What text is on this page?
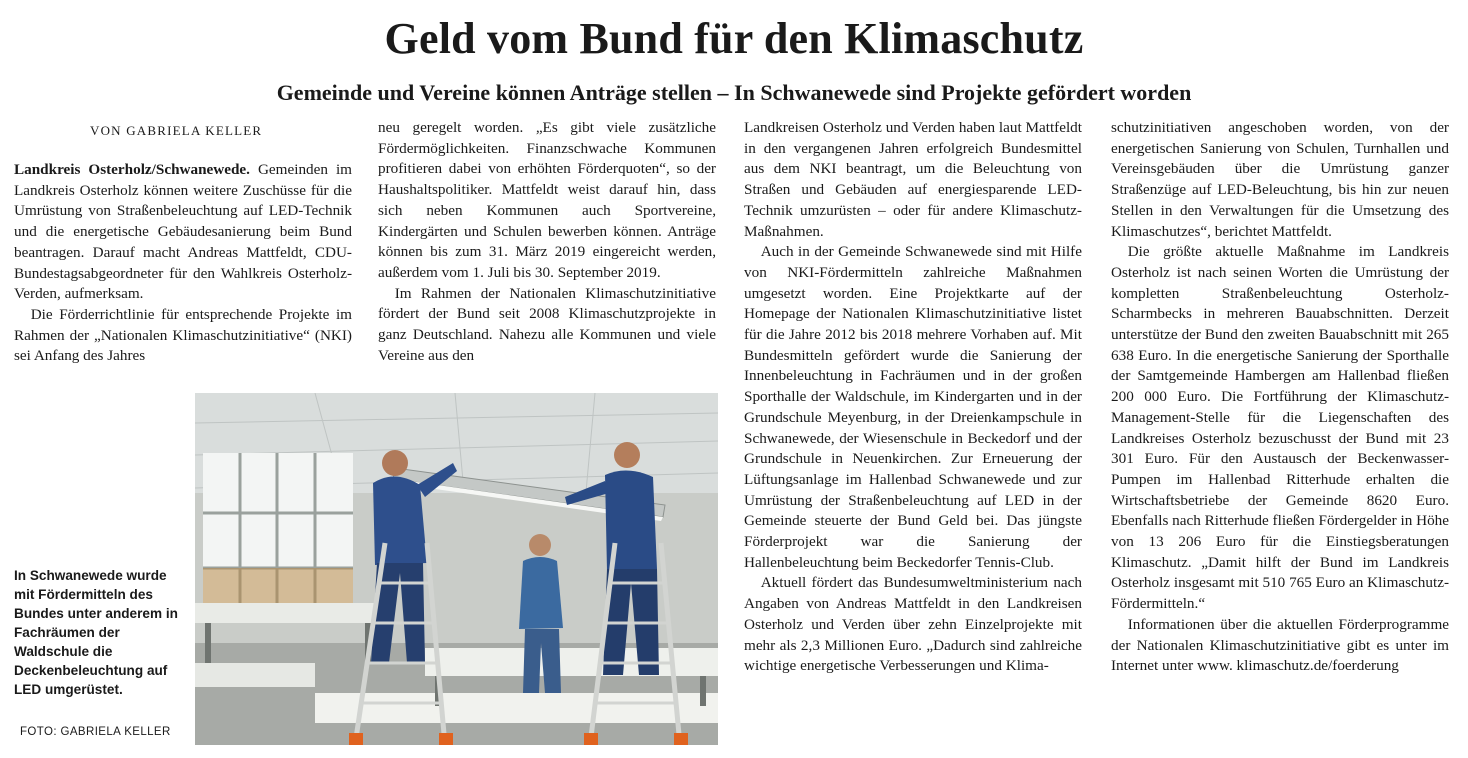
Geld vom Bund für den Klimaschutz
Gemeinde und Vereine können Anträge stellen – In Schwanewede sind Projekte gefördert worden
VON GABRIELA KELLER

Landkreis Osterholz/Schwanewede. Gemeinden im Landkreis Osterholz können weitere Zuschüsse für die Umrüstung von Straßenbeleuchtung auf LED-Technik und die energetische Gebäudesanierung beim Bund beantragen. Darauf macht Andreas Mattfeldt, CDU-Bundestagsabgeordneter für den Wahlkreis Osterholz-Verden, aufmerksam.

Die Förderrichtlinie für entsprechende Projekte im Rahmen der „Nationalen Klimaschutzinitiative“ (NKI) sei Anfang des Jahres

neu geregelt worden. „Es gibt viele zusätzliche Fördermöglichkeiten. Finanzschwache Kommunen profitieren dabei von erhöhten Förderquoten“, so der Haushaltspolitiker. Mattfeldt weist darauf hin, dass sich neben Kommunen auch Sportvereine, Kindergärten und Schulen bewerben können. Anträge können bis zum 31. März 2019 eingereicht werden, außerdem vom 1. Juli bis 30. September 2019.

Im Rahmen der Nationalen Klimaschutzinitiative fördert der Bund seit 2008 Klimaschutzprojekte in ganz Deutschland. Nahezu alle Kommunen und viele Vereine aus den

Landkreisen Osterholz und Verden haben laut Mattfeldt in den vergangenen Jahren erfolgreich Bundesmittel aus dem NKI beantragt, um die Beleuchtung von Straßen und Gebäuden auf energiesparende LED-Technik umzurüsten – oder für andere Klimaschutz-Maßnahmen.

Auch in der Gemeinde Schwanewede sind mit Hilfe von NKI-Fördermitteln zahlreiche Maßnahmen umgesetzt worden. Eine Projektkarte auf der Homepage der Nationalen Klimaschutzinitiative listet für die Jahre 2012 bis 2018 mehrere Vorhaben auf. Mit Bundesmitteln gefördert wurde die Sanierung der Innenbeleuchtung in Fachräumen und in der großen Sporthalle der Waldschule, im Kindergarten und in der Grundschule Meyenburg, in der Dreienkampschule in Schwanewede, der Wiesenschule in Beckedorf und der Grundschule in Neuenkirchen. Zur Erneuerung der Lüftungsanlage im Hallenbad Schwanewede und zur Umrüstung der Straßenbeleuchtung auf LED in der Gemeinde steuerte der Bund Geld bei. Das jüngste Förderprojekt war die Sanierung der Hallenbeleuchtung beim Beckedorfer Tennis-Club.

Aktuell fördert das Bundesumweltministerium nach Angaben von Andreas Mattfeldt in den Landkreisen Osterholz und Verden über zehn Einzelprojekte mit mehr als 2,3 Millionen Euro. „Dadurch sind zahlreiche wichtige energetische Verbesserungen und Klima-

schutzinitiativen angeschoben worden, von der energetischen Sanierung von Schulen, Turnhallen und Vereinsgebäuden über die Umrüstung ganzer Straßenzüge auf LED-Beleuchtung, bis hin zur neuen Stellen in den Verwaltungen für die Umsetzung des Klimaschutzes“, berichtet Mattfeldt.

Die größte aktuelle Maßnahme im Landkreis Osterholz ist nach seinen Worten die Umrüstung der kompletten Straßenbeleuchtung Osterholz-Scharmbecks in mehreren Bauabschnitten. Derzeit unterstütze der Bund den zweiten Bauabschnitt mit 265 638 Euro. In die energetische Sanierung der Sporthalle der Samtgemeinde Hambergen am Hallenbad fließen 200 000 Euro. Die Fortführung der Klimaschutz-Management-Stelle für die Liegenschaften des Landkreises Osterholz bezuschusst der Bund mit 23 301 Euro. Für den Austausch der Beckenwasser-Pumpen im Hallenbad Ritterhude erhalten die Wirtschaftsbetriebe der Gemeinde 8620 Euro. Ebenfalls nach Ritterhude fließen Fördergelder in Höhe von 13 206 Euro für die Einstiegsberatungen Klimaschutz. „Damit hilft der Bund im Landkreis Osterholz insgesamt mit 510 765 Euro an Klimaschutz-Fördermitteln.“

Informationen über die aktuellen Förderprogramme der Nationalen Klimaschutzinitiative gibt es unter im Internet unter www. klimaschutz.de/foerderung

In Schwanewede wurde mit Fördermitteln des Bundes unter anderem in Fachräumen der Waldschule die Deckenbeleuchtung auf LED umgerüstet.
FOTO: GABRIELA KELLER
